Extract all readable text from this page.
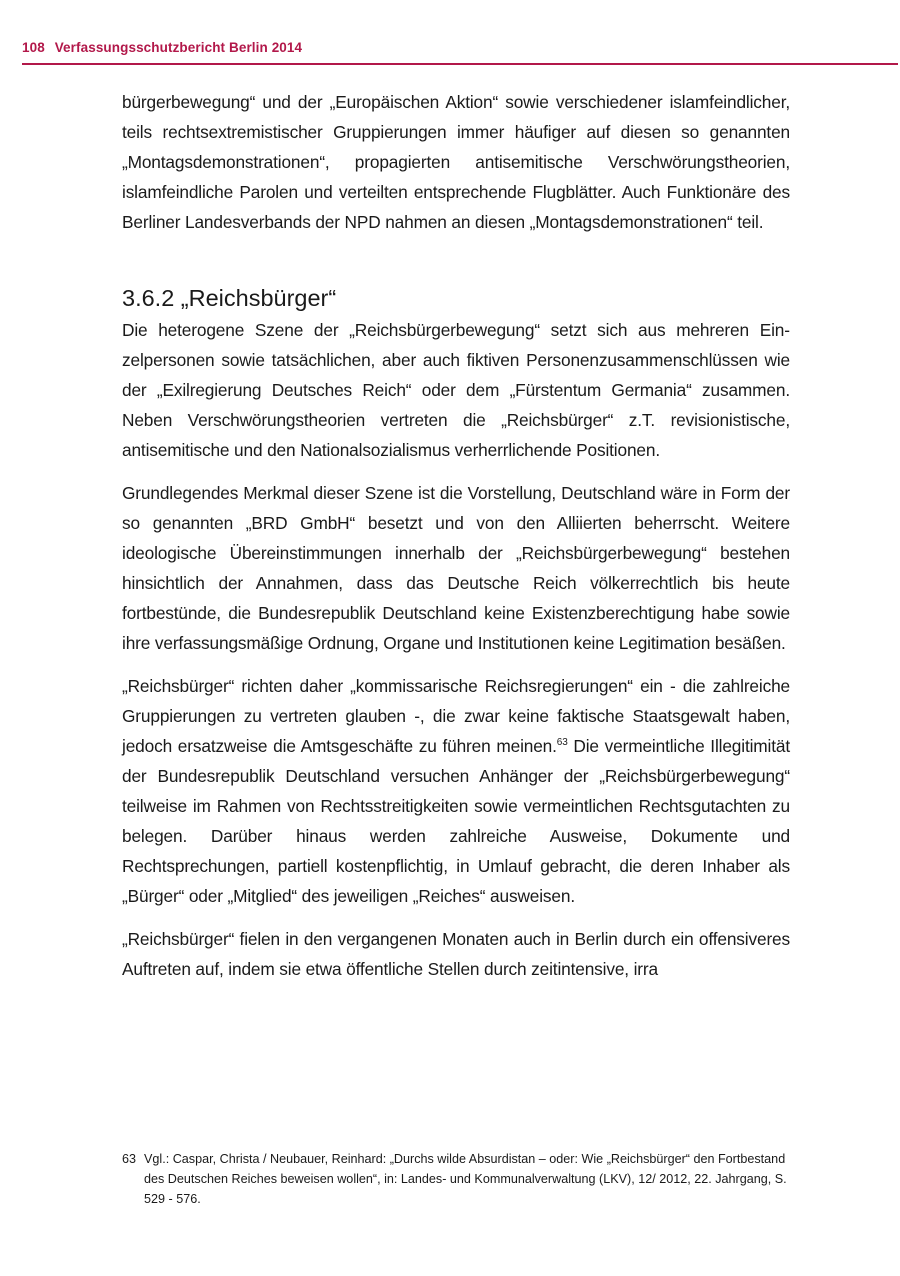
108 Verfassungsschutzbericht Berlin 2014

bürgerbewegung“ und der „Europäischen Aktion“ sowie verschiedener islamfeindlicher, teils rechtsextremistischer Gruppierungen immer häufiger auf diesen so genannten „Montagsdemonstrationen“, propagierten antisemitische Verschwörungstheorien, islamfeindliche Parolen und verteilten entsprechende Flugblätter. Auch Funktionäre des Berliner Landesverbands der NPD nahmen an diesen „Montagsdemonstrationen“ teil.

3.6.2 „Reichsbürger“

Die heterogene Szene der „Reichsbürgerbewegung“ setzt sich aus mehreren Einzelpersonen sowie tatsächlichen, aber auch fiktiven Personenzusammenschlüssen wie der „Exilregierung Deutsches Reich“ oder dem „Fürstentum Germania“ zusammen. Neben Verschwörungstheorien vertreten die „Reichsbürger“ z.T. revisionistische, antisemitische und den Nationalsozialismus verherrlichende Positionen.

Grundlegendes Merkmal dieser Szene ist die Vorstellung, Deutschland wäre in Form der so genannten „BRD GmbH“ besetzt und von den Alliierten beherrscht. Weitere ideologische Übereinstimmungen innerhalb der „Reichsbürgerbewegung“ bestehen hinsichtlich der Annahmen, dass das Deutsche Reich völkerrechtlich bis heute fortbestünde, die Bundesrepublik Deutschland keine Existenzberechtigung habe sowie ihre verfassungsmäßige Ordnung, Organe und Institutionen keine Legitimation besäßen.

„Reichsbürger“ richten daher „kommissarische Reichsregierungen“ ein - die zahlreiche Gruppierungen zu vertreten glauben -, die zwar keine faktische Staatsgewalt haben, jedoch ersatzweise die Amtsgeschäfte zu führen meinen.$^{63}$ Die vermeintliche Illegitimität der Bundesrepublik Deutschland versuchen Anhänger der „Reichsbürgerbewegung“ teilweise im Rahmen von Rechtsstreitigkeiten sowie vermeintlichen Rechtsgutachten zu belegen. Darüber hinaus werden zahlreiche Ausweise, Dokumente und Rechtsprechungen, partiell kostenpflichtig, in Umlauf gebracht, die deren Inhaber als „Bürger“ oder „Mitglied“ des jeweiligen „Reiches“ ausweisen.

„Reichsbürger“ fielen in den vergangenen Monaten auch in Berlin durch ein offensiveres Auftreten auf, indem sie etwa öffentliche Stellen durch zeitintensive, irra

63 Vgl.: Caspar, Christa / Neubauer, Reinhard: „Durchs wilde Absurdistan – oder: Wie „Reichsbürger“ den Fortbestand des Deutschen Reiches beweisen wollen“, in: Landes- und Kommunalverwaltung (LKV), 12/ 2012, 22. Jahrgang, S. 529 - 576.
